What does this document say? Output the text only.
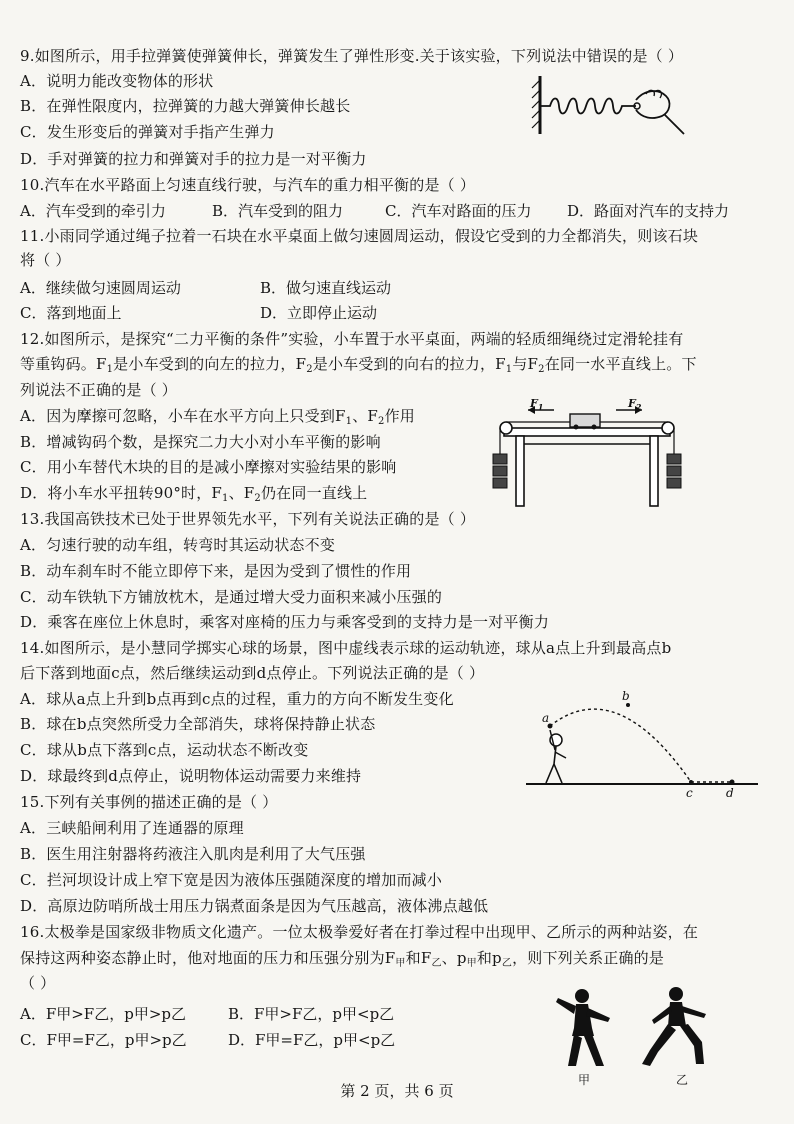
9.如图所示，用手拉弹簧使弹簧伸长，弹簧发生了弹性形变.关于该实验，下列说法中错误的是（ ）
A．说明力能改变物体的形状
B．在弹性限度内，拉弹簧的力越大弹簧伸长越长
C．发生形变后的弹簧对手指产生弹力
D．手对弹簧的拉力和弹簧对手的拉力是一对平衡力
10.汽车在水平路面上匀速直线行驶，与汽车的重力相平衡的是（ ）
A．汽车受到的牵引力	B．汽车受到的阻力	C．汽车对路面的压力 D．路面对汽车的支持力
11.小雨同学通过绳子拉着一石块在水平桌面上做匀速圆周运动，假设它受到的力全都消失，则该石块
将（ ）
A．继续做匀速圆周运动	B．做匀速直线运动
C．落到地面上	D．立即停止运动
12.如图所示，是探究“二力平衡的条件”实验，小车置于水平桌面，两端的轻质细绳绕过定滑轮挂有
等重钩码。$F_1$是小车受到的向左的拉力，$F_2$是小车受到的向右的拉力，$F_1$与$F_2$在同一水平直线上。下
列说法不正确的是（ ）
A．因为摩擦可忽略，小车在水平方向上只受到$F_1$、$F_2$作用
B．增减钩码个数，是探究二力大小对小车平衡的影响
C．用小车替代木块的目的是减小摩擦对实验结果的影响
D．将小车水平扭转90°时，$F_1$、$F_2$仍在同一直线上
$F_1$	$F_2$
13.我国高铁技术已处于世界领先水平，下列有关说法正确的是（ ）
A．匀速行驶的动车组，转弯时其运动状态不变
B．动车刹车时不能立即停下来，是因为受到了惯性的作用
C．动车铁轨下方铺放枕木，是通过增大受力面积来减小压强的
D．乘客在座位上休息时，乘客对座椅的压力与乘客受到的支持力是一对平衡力
14.如图所示，是小慧同学掷实心球的场景，图中虚线表示球的运动轨迹，球从a点上升到最高点b
后下落到地面c点，然后继续运动到d点停止。下列说法正确的是（ ）
A．球从a点上升到b点再到c点的过程，重力的方向不断发生变化
B．球在b点突然所受力全部消失，球将保持静止状态
C．球从b点下落到c点，运动状态不断改变
D．球最终到d点停止，说明物体运动需要力来维持
a
b
c	d
15.下列有关事例的描述正确的是（ ）
A．三峡船闸利用了连通器的原理
B．医生用注射器将药液注入肌肉是利用了大气压强
C．拦河坝设计成上窄下宽是因为液体压强随深度的增加而减小
D．高原边防哨所战士用压力锅煮面条是因为气压越高，液体沸点越低
16.太极拳是国家级非物质文化遗产。一位太极拳爱好者在打拳过程中出现甲、乙所示的两种站姿，在
保持这两种姿态静止时，他对地面的压力和压强分别为$F_甲$和$F_乙$、$p_甲$和$p_乙$，则下列关系正确的是
（ ）
A．F甲>F乙，p甲>p乙	B．F甲>F乙，p甲<p乙
C．F甲=F乙，p甲>p乙	D．F甲=F乙，p甲<p乙
甲	乙
第 2 页，共 6 页
